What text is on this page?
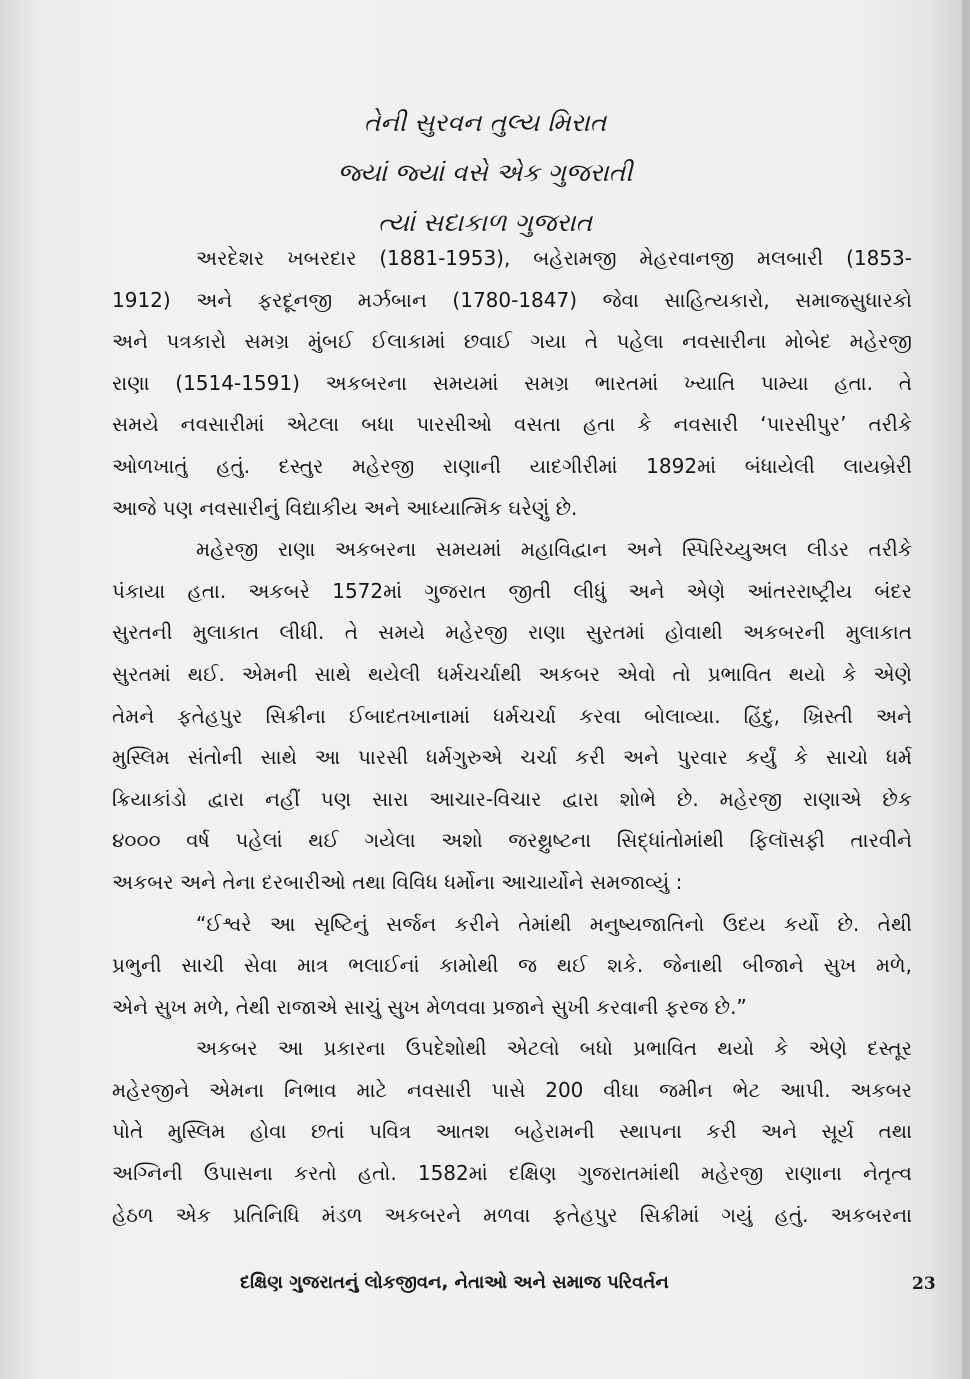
તેની સુરવન તુલ્ય મિરાત
જ્યાં જ્યાં વસે એક ગુજરાતી
ત્યાં સદાકાળ ગુજરાત
અરદેશર ખબરદાર (1881-1953), બહેરામજી મેહરવાનજી મલબારી (1853-
1912) અને ફરદૂનજી મર્ઝબાન (1780-1847) જેવા સાહિત્યકારો, સમાજસુધારકો
અને પત્રકારો સમગ્ર મુંબઈ ઈલાકામાં છવાઈ ગયા તે પહેલા નવસારીના મોબેદ મહેરજી
રાણા (1514-1591) અકબરના સમયમાં સમગ્ર ભારતમાં ખ્યાતિ પામ્યા હતા. તે
સમયે નવસારીમાં એટલા બધા પારસીઓ વસતા હતા કે નવસારી ‘પારસીપુર’ તરીકે
ઓળખાતું હતું. દસ્તુર મહેરજી રાણાની યાદગીરીમાં 1892માં બંધાયેલી લાયબ્રેરી
આજે પણ નવસારીનું વિદ્યાકીય અને આધ્યાત્મિક ઘરેણું છે.
મહેરજી રાણા અકબરના સમયમાં મહાવિદ્વાન અને સ્પિરિચ્યુઅલ લીડર તરીકે
પંકાયા હતા. અકબરે 1572માં ગુજરાત જીતી લીધું અને એણે આંતરરાષ્ટ્રીય બંદર
સુરતની મુલાકાત લીધી. તે સમયે મહેરજી રાણા સુરતમાં હોવાથી અકબરની મુલાકાત
સુરતમાં થઈ. એમની સાથે થયેલી ધર્મચર્ચાથી અકબર એવો તો પ્રભાવિત થયો કે એણે
તેમને ફતેહપુર સિક્રીના ઈબાદતખાનામાં ધર્મચર્ચા કરવા બોલાવ્યા. હિંદુ, ખ્રિસ્તી અને
મુસ્લિમ સંતોની સાથે આ પારસી ધર્મગુરુએ ચર્ચા કરી અને પુરવાર કર્યું કે સાચો ધર્મ
ક્રિયાકાંડો દ્વારા નહીં પણ સારા આચાર-વિચાર દ્વારા શોભે છે. મહેરજી રાણાએ છેક
૪૦૦૦ વર્ષ પહેલાં થઈ ગયેલા અશો જરથ્રુષ્ટના સિદ્ધાંતોમાંથી ફિલૉસફી તારવીને
અકબર અને તેના દરબારીઓ તથા વિવિધ ધર્મોના આચાર્યોને સમજાવ્યું :
“ઈશ્વરે આ સૃષ્ટિનું સર્જન કરીને તેમાંથી મનુષ્યજાતિનો ઉદય કર્યો છે. તેથી
પ્રભુની સાચી સેવા માત્ર ભલાઈનાં કામોથી જ થઈ શકે. જેનાથી બીજાને સુખ મળે,
એને સુખ મળે, તેથી રાજાએ સાચું સુખ મેળવવા પ્રજાને સુખી કરવાની ફરજ છે.”
અકબર આ પ્રકારના ઉપદેશોથી એટલો બધો પ્રભાવિત થયો કે એણે દસ્તૂર
મહેરજીને એમના નિભાવ માટે નવસારી પાસે 200 વીઘા જમીન ભેટ આપી. અકબર
પોતે મુસ્લિમ હોવા છતાં પવિત્ર આતશ બહેરામની સ્થાપના કરી અને સૂર્ય તથા
અગ્નિની ઉપાસના કરતો હતો. 1582માં દક્ષિણ ગુજરાતમાંથી મહેરજી રાણાના નેતૃત્વ
હેઠળ એક પ્રતિનિધિ મંડળ અકબરને મળવા ફતેહપુર સિક્રીમાં ગયું હતું. અકબરના
દક્ષિણ ગુજરાતનું લોકજીવન, નેતાઓ અને સમાજ પરિવર્તન	23
